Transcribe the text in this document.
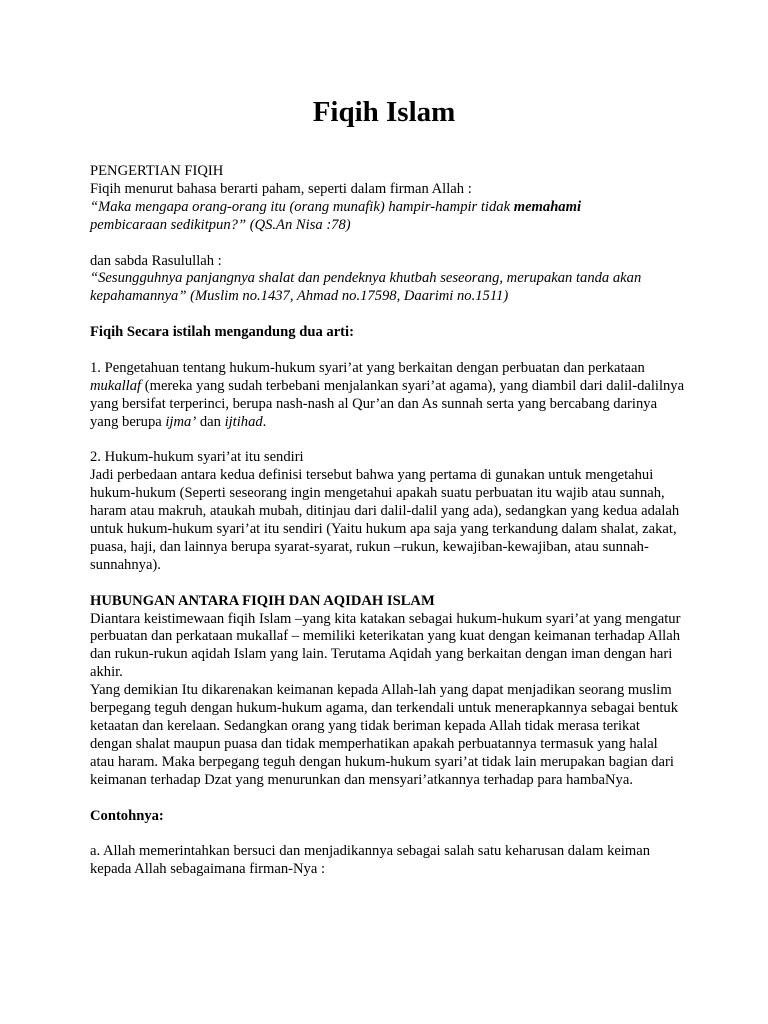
Fiqih Islam

PENGERTIAN FIQIH

Fiqih menurut bahasa berarti paham, seperti dalam firman Allah :

“Maka mengapa orang-orang itu (orang munafik) hampir-hampir tidak memahami
pembicaraan sedikitpun?” (QS.An Nisa :78)

dan sabda Rasulullah :

“Sesungguhnya panjangnya shalat dan pendeknya khutbah seseorang, merupakan tanda akan kepahamannya” (Muslim no.1437, Ahmad no.17598, Daarimi no.1511)

Fiqih Secara istilah mengandung dua arti:

1. Pengetahuan tentang hukum-hukum syari’at yang berkaitan dengan perbuatan dan perkataan mukallaf (mereka yang sudah terbebani menjalankan syari’at agama), yang diambil dari dalil-dalilnya yang bersifat terperinci, berupa nash-nash al Qur’an dan As sunnah serta yang bercabang darinya yang berupa ijma’ dan ijtihad.

2. Hukum-hukum syari’at itu sendiri

Jadi perbedaan antara kedua definisi tersebut bahwa yang pertama di gunakan untuk mengetahui hukum-hukum (Seperti seseorang ingin mengetahui apakah suatu perbuatan itu wajib atau sunnah, haram atau makruh, ataukah mubah, ditinjau dari dalil-dalil yang ada), sedangkan yang kedua adalah untuk hukum-hukum syari’at itu sendiri (Yaitu hukum apa saja yang terkandung dalam shalat, zakat, puasa, haji, dan lainnya berupa syarat-syarat, rukun –rukun, kewajiban-kewajiban, atau sunnah-sunnahnya).

HUBUNGAN ANTARA FIQIH DAN AQIDAH ISLAM

Diantara keistimewaan fiqih Islam –yang kita katakan sebagai hukum-hukum syari’at yang mengatur perbuatan dan perkataan mukallaf – memiliki keterikatan yang kuat dengan keimanan terhadap Allah dan rukun-rukun aqidah Islam yang lain. Terutama Aqidah yang berkaitan dengan iman dengan hari akhir.

Yang demikian Itu dikarenakan keimanan kepada Allah-lah yang dapat menjadikan seorang muslim berpegang teguh dengan hukum-hukum agama, dan terkendali untuk menerapkannya sebagai bentuk ketaatan dan kerelaan. Sedangkan orang yang tidak beriman kepada Allah tidak merasa terikat dengan shalat maupun puasa dan tidak memperhatikan apakah perbuatannya termasuk yang halal atau haram. Maka berpegang teguh dengan hukum-hukum syari’at tidak lain merupakan bagian dari keimanan terhadap Dzat yang menurunkan dan mensyari’atkannya terhadap para hambaNya.

Contohnya:

a. Allah memerintahkan bersuci dan menjadikannya sebagai salah satu keharusan dalam keiman kepada Allah sebagaimana firman-Nya :
